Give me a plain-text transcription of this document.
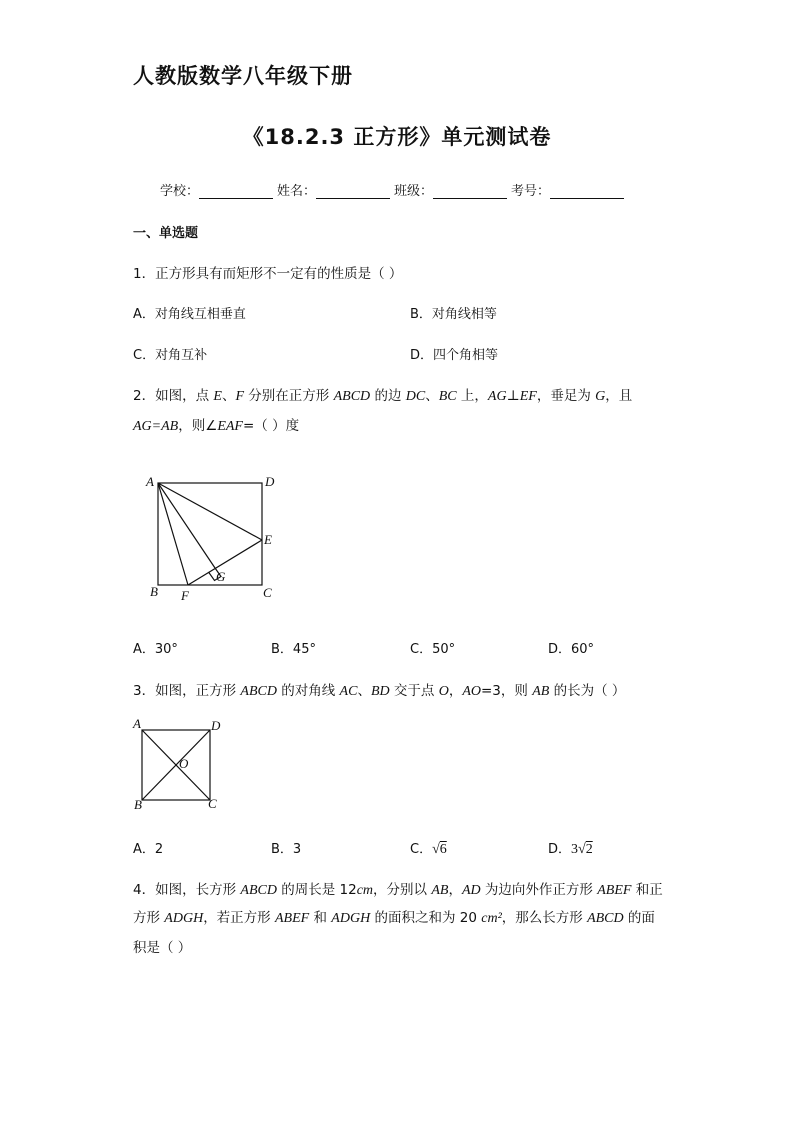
人教版数学八年级下册
《18.2.3 正方形》单元测试卷
学校：	姓名：	班级：	考号：
一、单选题
1．正方形具有而矩形不一定有的性质是（ ）
A．对角线互相垂直	B．对角线相等
C．对角互补	D．四个角相等
2．如图，点 E、F 分别在正方形 ABCD 的边 DC、BC 上，AG⊥EF，垂足为 G，且
AG=AB，则∠EAF=（ ）度
A	D
E
B F
G
C
A．30°	B．45°	C．50°	D．60°
3．如图，正方形 ABCD 的对角线 AC、BD 交于点 O，AO=3，则 AB 的长为（ ）
A	D
O
B	C
A．2	B．3	C．√6	D．3√2
4．如图，长方形 ABCD 的周长是 12cm，分别以 AB，AD 为边向外作正方形 ABEF 和正
方形 ADGH，若正方形 ABEF 和 ADGH 的面积之和为 20 cm²，那么长方形 ABCD 的面
积是（ ）
